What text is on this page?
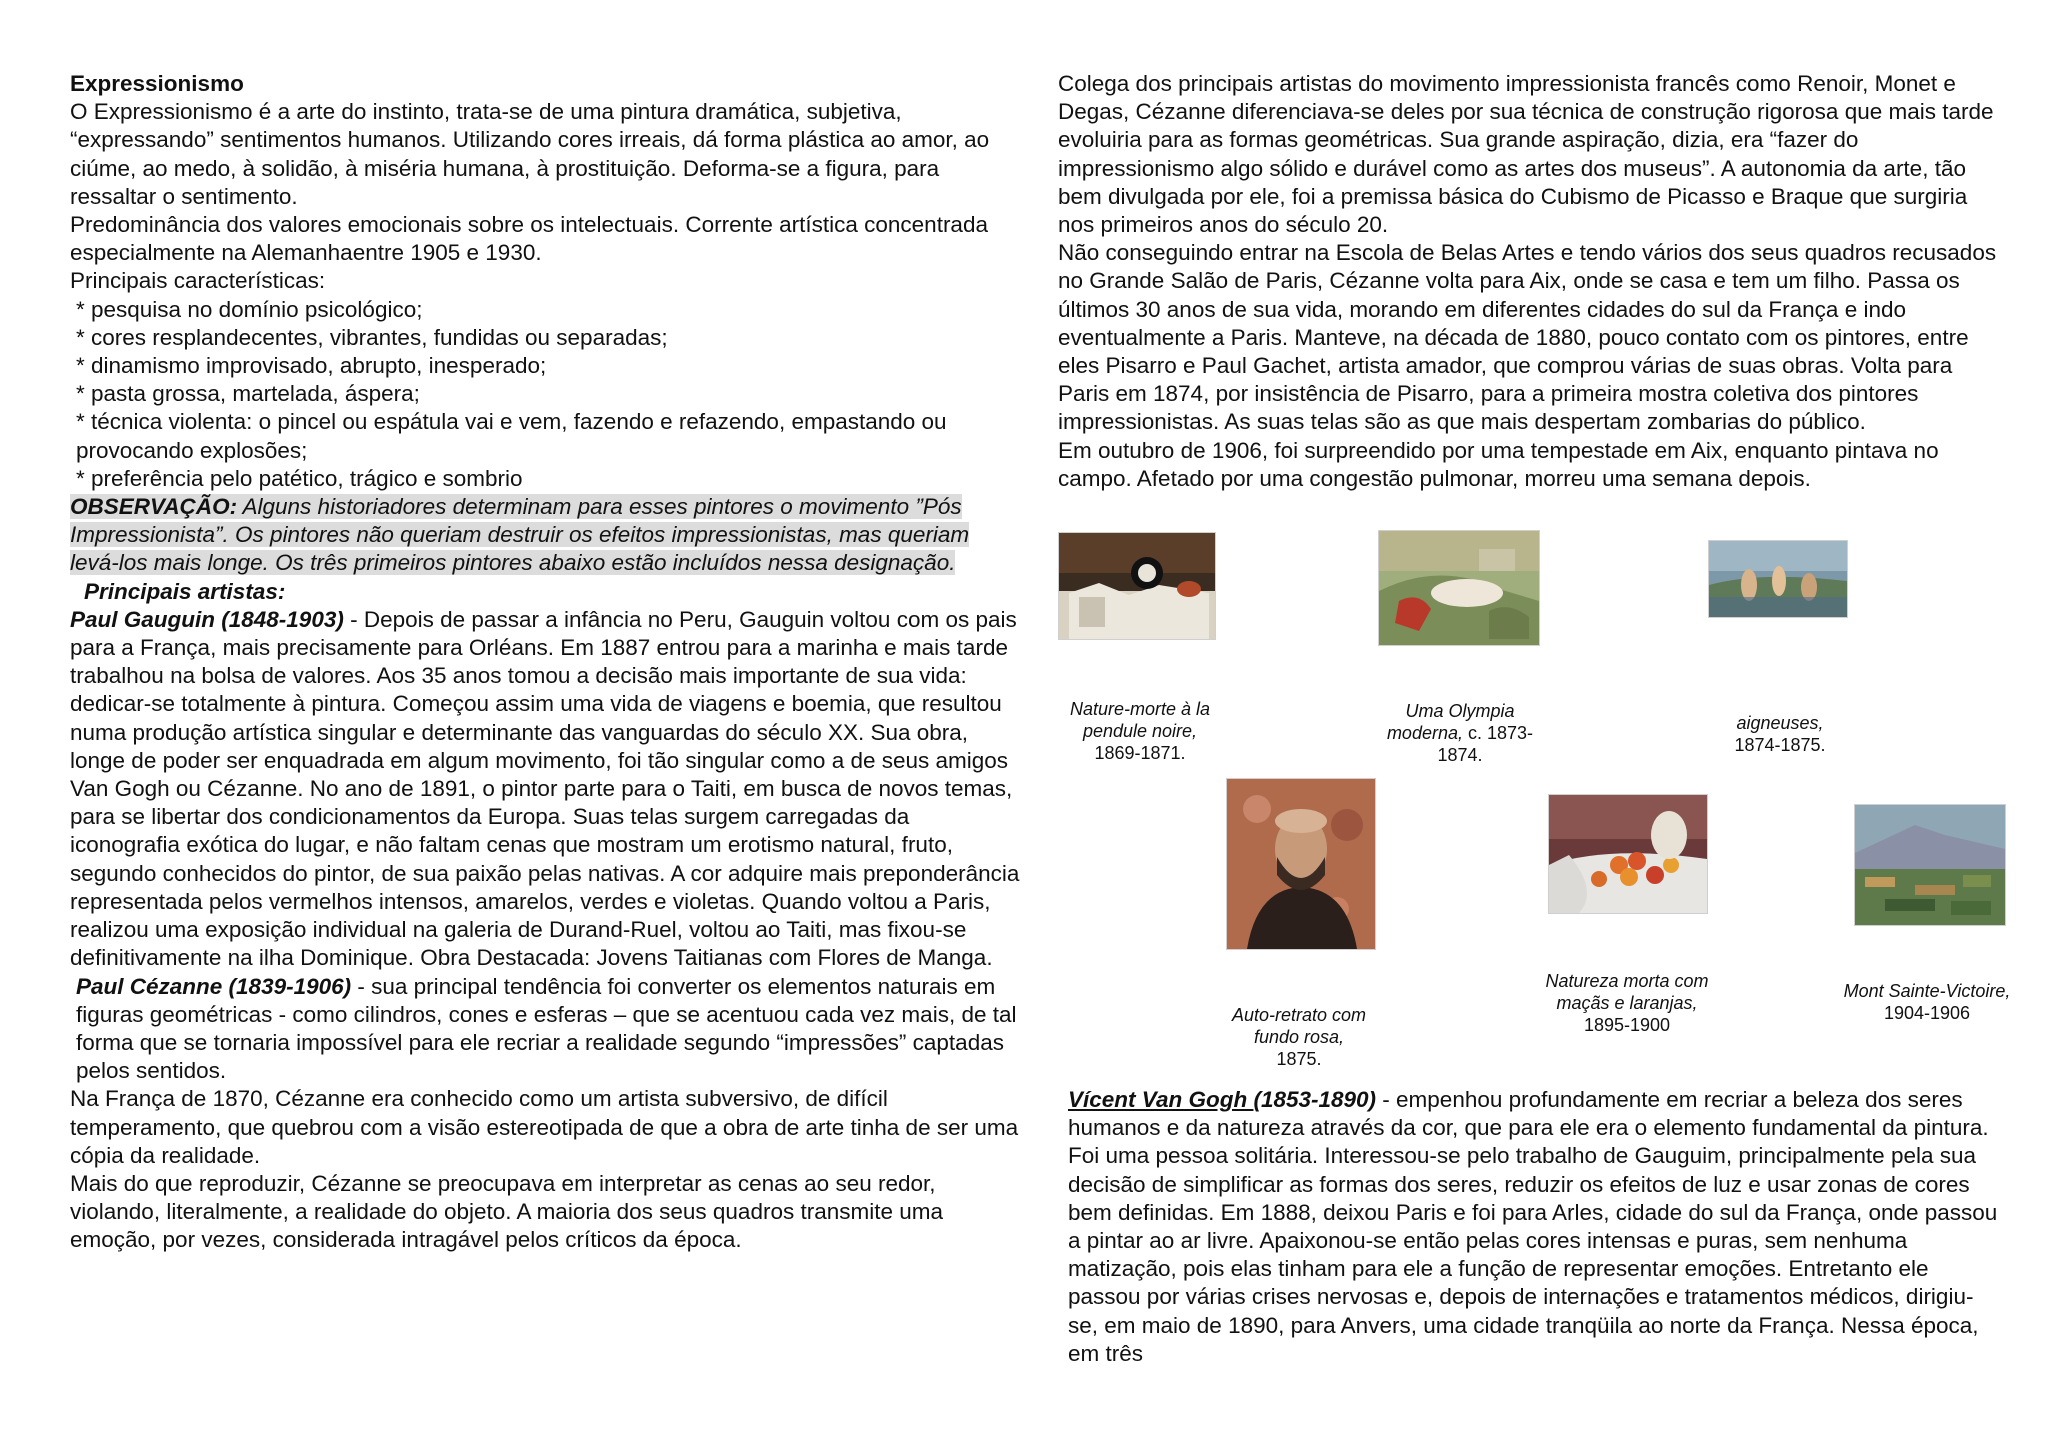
Expressionismo

O Expressionismo é a arte do instinto, trata-se de uma pintura dramática, subjetiva, “expressando” sentimentos humanos. Utilizando cores irreais, dá forma plástica ao amor, ao ciúme, ao medo, à solidão, à miséria humana, à prostituição. Deforma-se a figura, para ressaltar o sentimento.

Predominância dos valores emocionais sobre os intelectuais. Corrente artística concentrada especialmente na Alemanhaentre 1905 e 1930.

Principais características:

* pesquisa no domínio psicológico;

* cores resplandecentes, vibrantes, fundidas ou separadas;

* dinamismo improvisado, abrupto, inesperado;

* pasta grossa, martelada, áspera;

* técnica violenta: o pincel ou espátula vai e vem, fazendo e refazendo, empastando ou provocando explosões;

* preferência pelo patético, trágico e sombrio

OBSERVAÇÃO: Alguns historiadores determinam para esses pintores o movimento ”Pós Impressionista”. Os pintores não queriam destruir os efeitos impressionistas, mas queriam levá-los mais longe. Os três primeiros pintores abaixo estão incluídos nessa designação.

Principais artistas:

Paul Gauguin (1848-1903) - Depois de passar a infância no Peru, Gauguin voltou com os pais para a França, mais precisamente para Orléans. Em 1887 entrou para a marinha e mais tarde trabalhou na bolsa de valores. Aos 35 anos tomou a decisão mais importante de sua vida: dedicar-se totalmente à pintura. Começou assim uma vida de viagens e boemia, que resultou numa produção artística singular e determinante das vanguardas do século XX. Sua obra, longe de poder ser enquadrada em algum movimento, foi tão singular como a de seus amigos Van Gogh ou Cézanne. No ano de 1891, o pintor parte para o Taiti, em busca de novos temas, para se libertar dos condicionamentos da Europa. Suas telas surgem carregadas da iconografia exótica do lugar, e não faltam cenas que mostram um erotismo natural, fruto, segundo conhecidos do pintor, de sua paixão pelas nativas. A cor adquire mais preponderância representada pelos vermelhos intensos, amarelos, verdes e violetas. Quando voltou a Paris, realizou uma exposição individual na galeria de Durand-Ruel, voltou ao Taiti, mas fixou-se definitivamente na ilha Dominique. Obra Destacada: Jovens Taitianas com Flores de Manga.

Paul Cézanne (1839-1906) - sua principal tendência foi converter os elementos naturais em figuras geométricas - como cilindros, cones e esferas – que se acentuou cada vez mais, de tal forma que se tornaria impossível para ele recriar a realidade segundo “impressões” captadas pelos sentidos.

Na França de 1870, Cézanne era conhecido como um artista subversivo, de difícil temperamento, que quebrou com a visão estereotipada de que a obra de arte tinha de ser uma cópia da realidade.

Mais do que reproduzir, Cézanne se preocupava em interpretar as cenas ao seu redor, violando, literalmente, a realidade do objeto. A maioria dos seus quadros transmite uma emoção, por vezes, considerada intragável pelos críticos da época.

Colega dos principais artistas do movimento impressionista francês como Renoir, Monet e Degas, Cézanne diferenciava-se deles por sua técnica de construção rigorosa que mais tarde evoluiria para as formas geométricas. Sua grande aspiração, dizia, era “fazer do impressionismo algo sólido e durável como as artes dos museus”. A autonomia da arte, tão bem divulgada por ele, foi a premissa básica do Cubismo de Picasso e Braque que surgiria nos primeiros anos do século 20.

Não conseguindo entrar na Escola de Belas Artes e tendo vários dos seus quadros recusados no Grande Salão de Paris, Cézanne volta para Aix, onde se casa e tem um filho. Passa os últimos 30 anos de sua vida, morando em diferentes cidades do sul da França e indo eventualmente a Paris. Manteve, na década de 1880, pouco contato com os pintores, entre eles Pisarro e Paul Gachet, artista amador, que comprou várias de suas obras. Volta para Paris em 1874, por insistência de Pisarro, para a primeira mostra coletiva dos pintores impressionistas. As suas telas são as que mais despertam zombarias do público.

Em outubro de 1906, foi surpreendido por uma tempestade em Aix, enquanto pintava no campo. Afetado por uma congestão pulmonar, morreu uma semana depois.

Nature-morte à la pendule noire,
1869-1871.
Uma Olympia moderna, c. 1873-1874.
aigneuses,
1874-1875.
Auto-retrato com fundo rosa,
1875.
Natureza morta com maçãs e laranjas, 1895-1900
Mont Sainte-Victoire, 1904-1906

Vícent Van Gogh (1853-1890) - empenhou profundamente em recriar a beleza dos seres humanos e da natureza através da cor, que para ele era o elemento fundamental da pintura. Foi uma pessoa solitária. Interessou-se pelo trabalho de Gauguim, principalmente pela sua decisão de simplificar as formas dos seres, reduzir os efeitos de luz e usar zonas de cores bem definidas. Em 1888, deixou Paris e foi para Arles, cidade do sul da França, onde passou a pintar ao ar livre. Apaixonou-se então pelas cores intensas e puras, sem nenhuma matização, pois elas tinham para ele a função de representar emoções. Entretanto ele passou por várias crises nervosas e, depois de internações e tratamentos médicos, dirigiu-se, em maio de 1890, para Anvers, uma cidade tranqüila ao norte da França. Nessa época, em três
